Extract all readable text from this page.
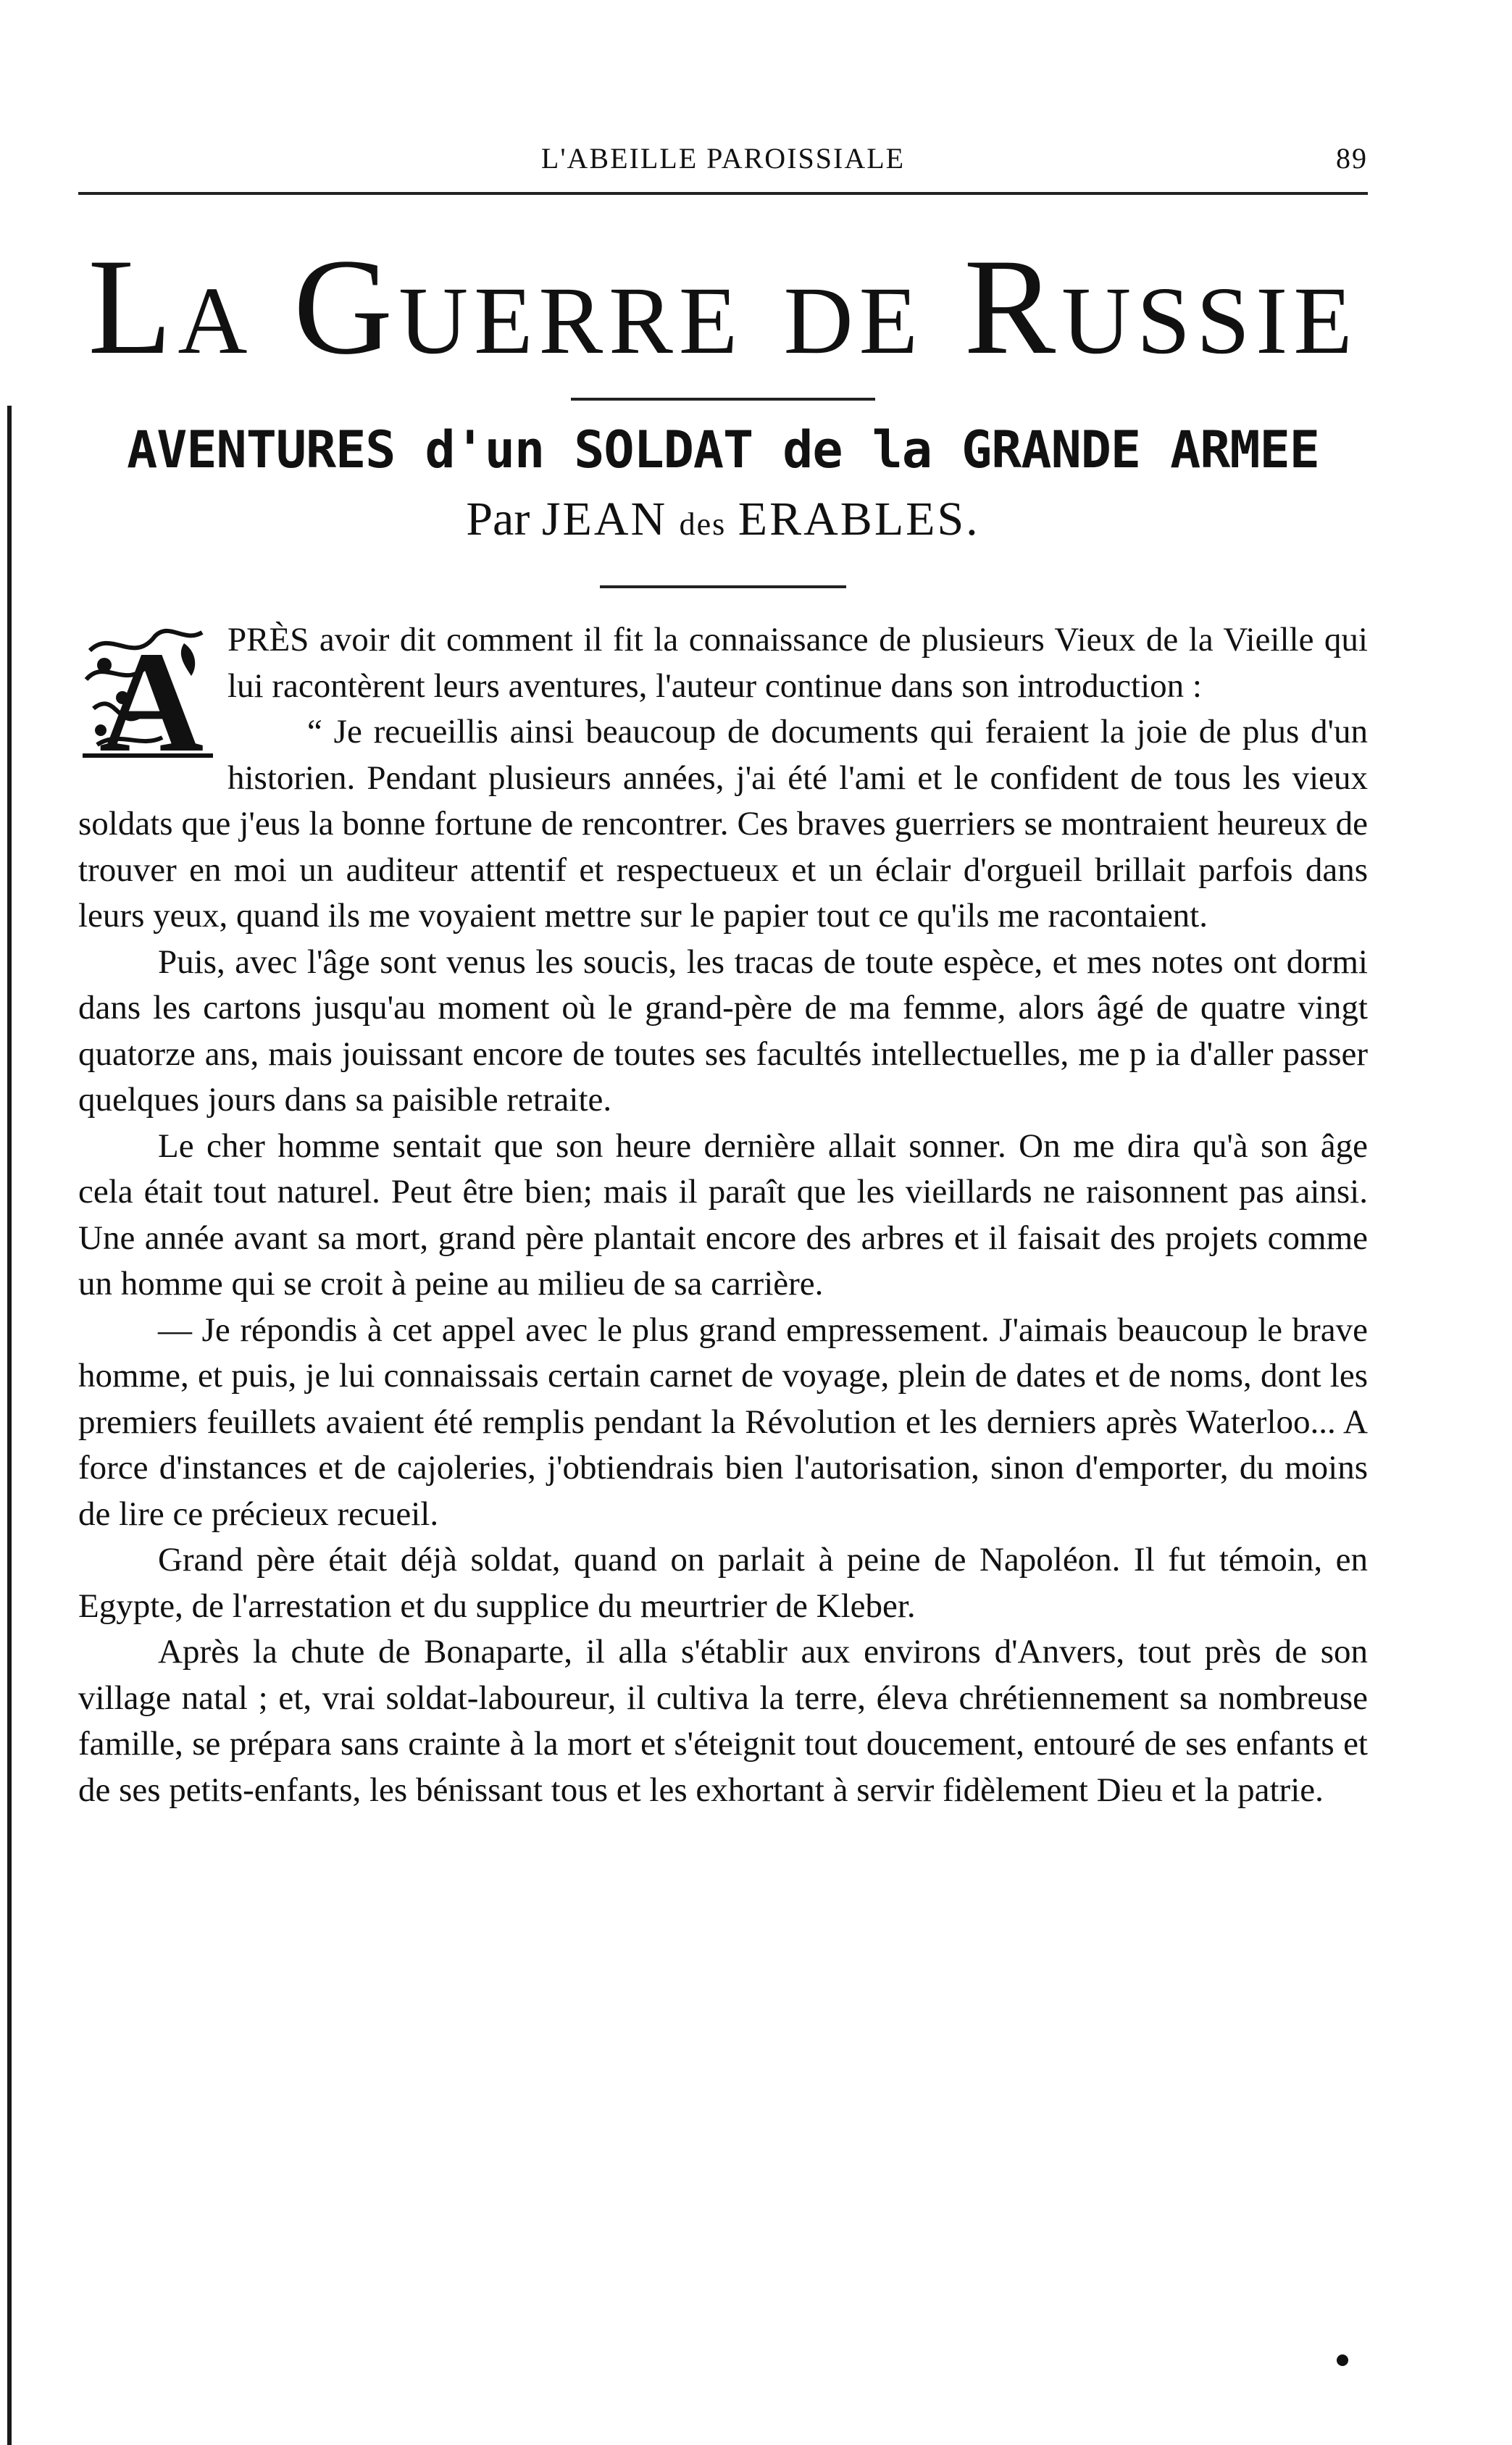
L'ABEILLE PAROISSIALE	89
La Guerre de Russie
AVENTURES d'un SOLDAT de la GRANDE ARMEE
Par JEAN des ERABLES.

A PRÈS avoir dit comment il fit la connaissance de plusieurs Vieux de la Vieille qui lui racontèrent leurs aventures, l'auteur continue dans son introduction :

“ Je recueillis ainsi beaucoup de documents qui feraient la joie de plus d'un historien. Pendant plusieurs années, j'ai été l'ami et le confident de tous les vieux soldats que j'eus la bonne fortune de rencontrer. Ces braves guerriers se montraient heureux de trouver en moi un auditeur attentif et respectueux et un éclair d'orgueil brillait parfois dans leurs yeux, quand ils me voyaient mettre sur le papier tout ce qu'ils me racontaient.

Puis, avec l'âge sont venus les soucis, les tracas de toute espèce, et mes notes ont dormi dans les cartons jusqu'au moment où le grand-père de ma femme, alors âgé de quatre vingt quatorze ans, mais jouissant encore de toutes ses facultés intellectuelles, me p ia d'aller passer quelques jours dans sa paisible retraite.

Le cher homme sentait que son heure dernière allait sonner. On me dira qu'à son âge cela était tout naturel. Peut être bien; mais il paraît que les vieillards ne raisonnent pas ainsi. Une année avant sa mort, grand père plantait encore des arbres et il faisait des projets comme un homme qui se croit à peine au milieu de sa carrière.

— Je répondis à cet appel avec le plus grand empressement. J'aimais beaucoup le brave homme, et puis, je lui connaissais certain carnet de voyage, plein de dates et de noms, dont les premiers feuillets avaient été remplis pendant la Révolution et les derniers après Waterloo... A force d'instances et de cajoleries, j'obtiendrais bien l'autorisation, sinon d'emporter, du moins de lire ce précieux recueil.

Grand père était déjà soldat, quand on parlait à peine de Napoléon. Il fut témoin, en Egypte, de l'arrestation et du supplice du meurtrier de Kleber.

Après la chute de Bonaparte, il alla s'établir aux environs d'Anvers, tout près de son village natal ; et, vrai soldat-laboureur, il cultiva la terre, éleva chrétiennement sa nombreuse famille, se prépara sans crainte à la mort et s'éteignit tout doucement, entouré de ses enfants et de ses petits-enfants, les bénissant tous et les exhortant à servir fidèlement Dieu et la patrie.
